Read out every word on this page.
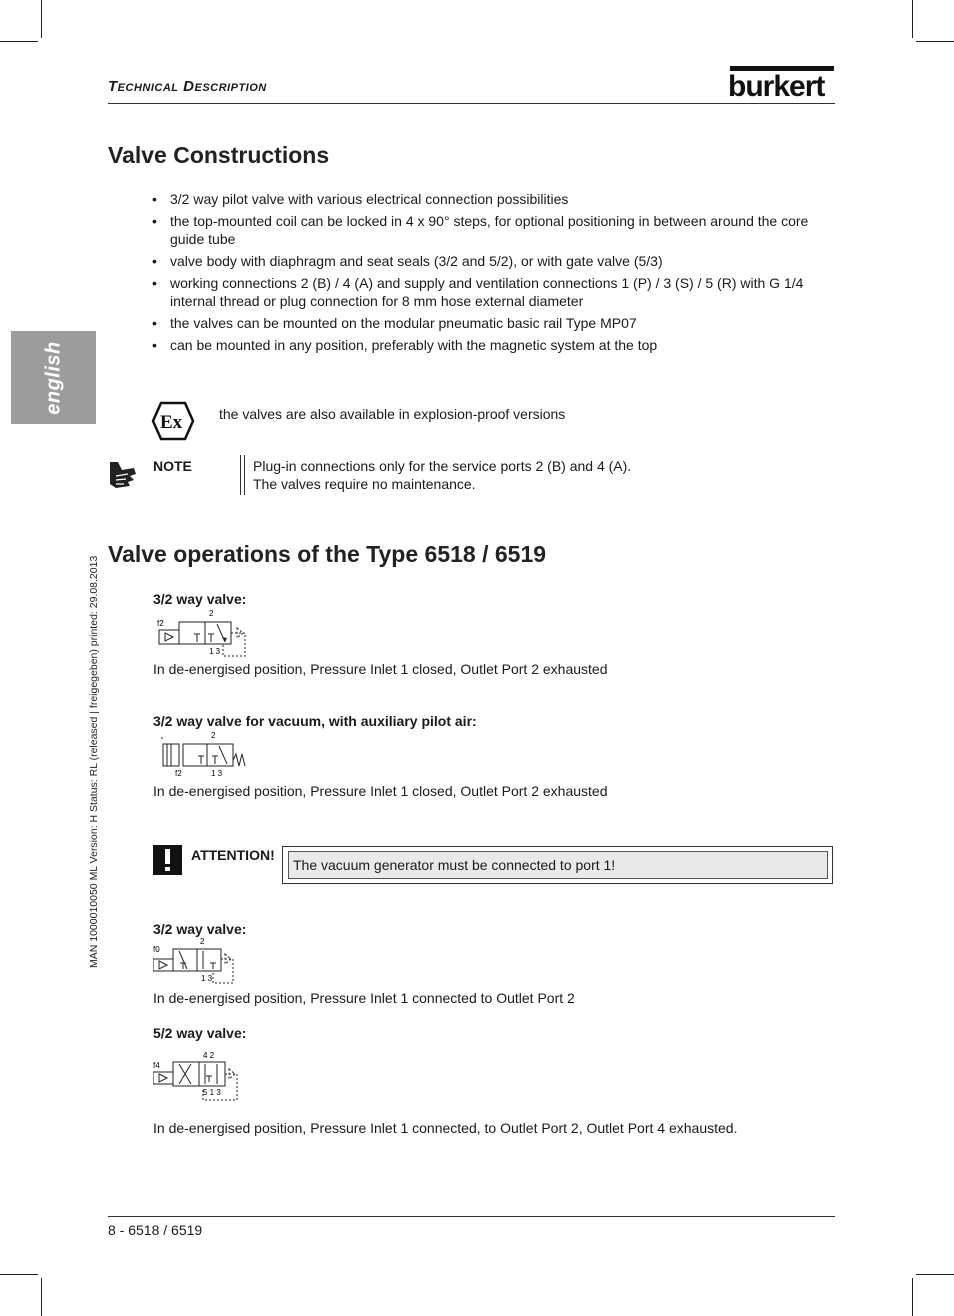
Technical Description	burkert
english
MAN 1000010050 ML Version: H Status: RL (released | freigegeben) printed: 29.08.2013
Valve Constructions
• 3/2 way pilot valve with various electrical connection possibilities
• the top-mounted coil can be locked in 4 x 90° steps, for optional positioning in between around the core guide tube
• valve body with diaphragm and seat seals (3/2 and 5/2), or with gate valve (5/3)
• working connections 2 (B) / 4 (A) and supply and ventilation connections 1 (P) / 3 (S) / 5 (R) with G 1/4 internal thread or plug connection for 8 mm hose external diameter
• the valves can be mounted on the modular pneumatic basic rail Type MP07
• can be mounted in any position, preferably with the magnetic system at the top
Ex	the valves are also available in explosion-proof versions
NOTE	Plug-in connections only for the service ports 2 (B) and 4 (A).
The valves require no maintenance.
Valve operations of the Type 6518 / 6519
3/2 way valve:
f2
2
1 3
In de-energised position, Pressure Inlet 1 closed, Outlet Port 2 exhausted
3/2 way valve for vacuum, with auxiliary pilot air:
2
f2	1 3
In de-energised position, Pressure Inlet 1 closed, Outlet Port 2 exhausted
ATTENTION!
The vacuum generator must be connected to port 1!
3/2 way valve:
f0
2
1 3
In de-energised position, Pressure Inlet 1 connected to Outlet Port 2
5/2 way valve:
f4
4 2
5 1 3
In de-energised position, Pressure Inlet 1 connected, to Outlet Port 2, Outlet Port 4 exhausted.
8 - 6518 / 6519
